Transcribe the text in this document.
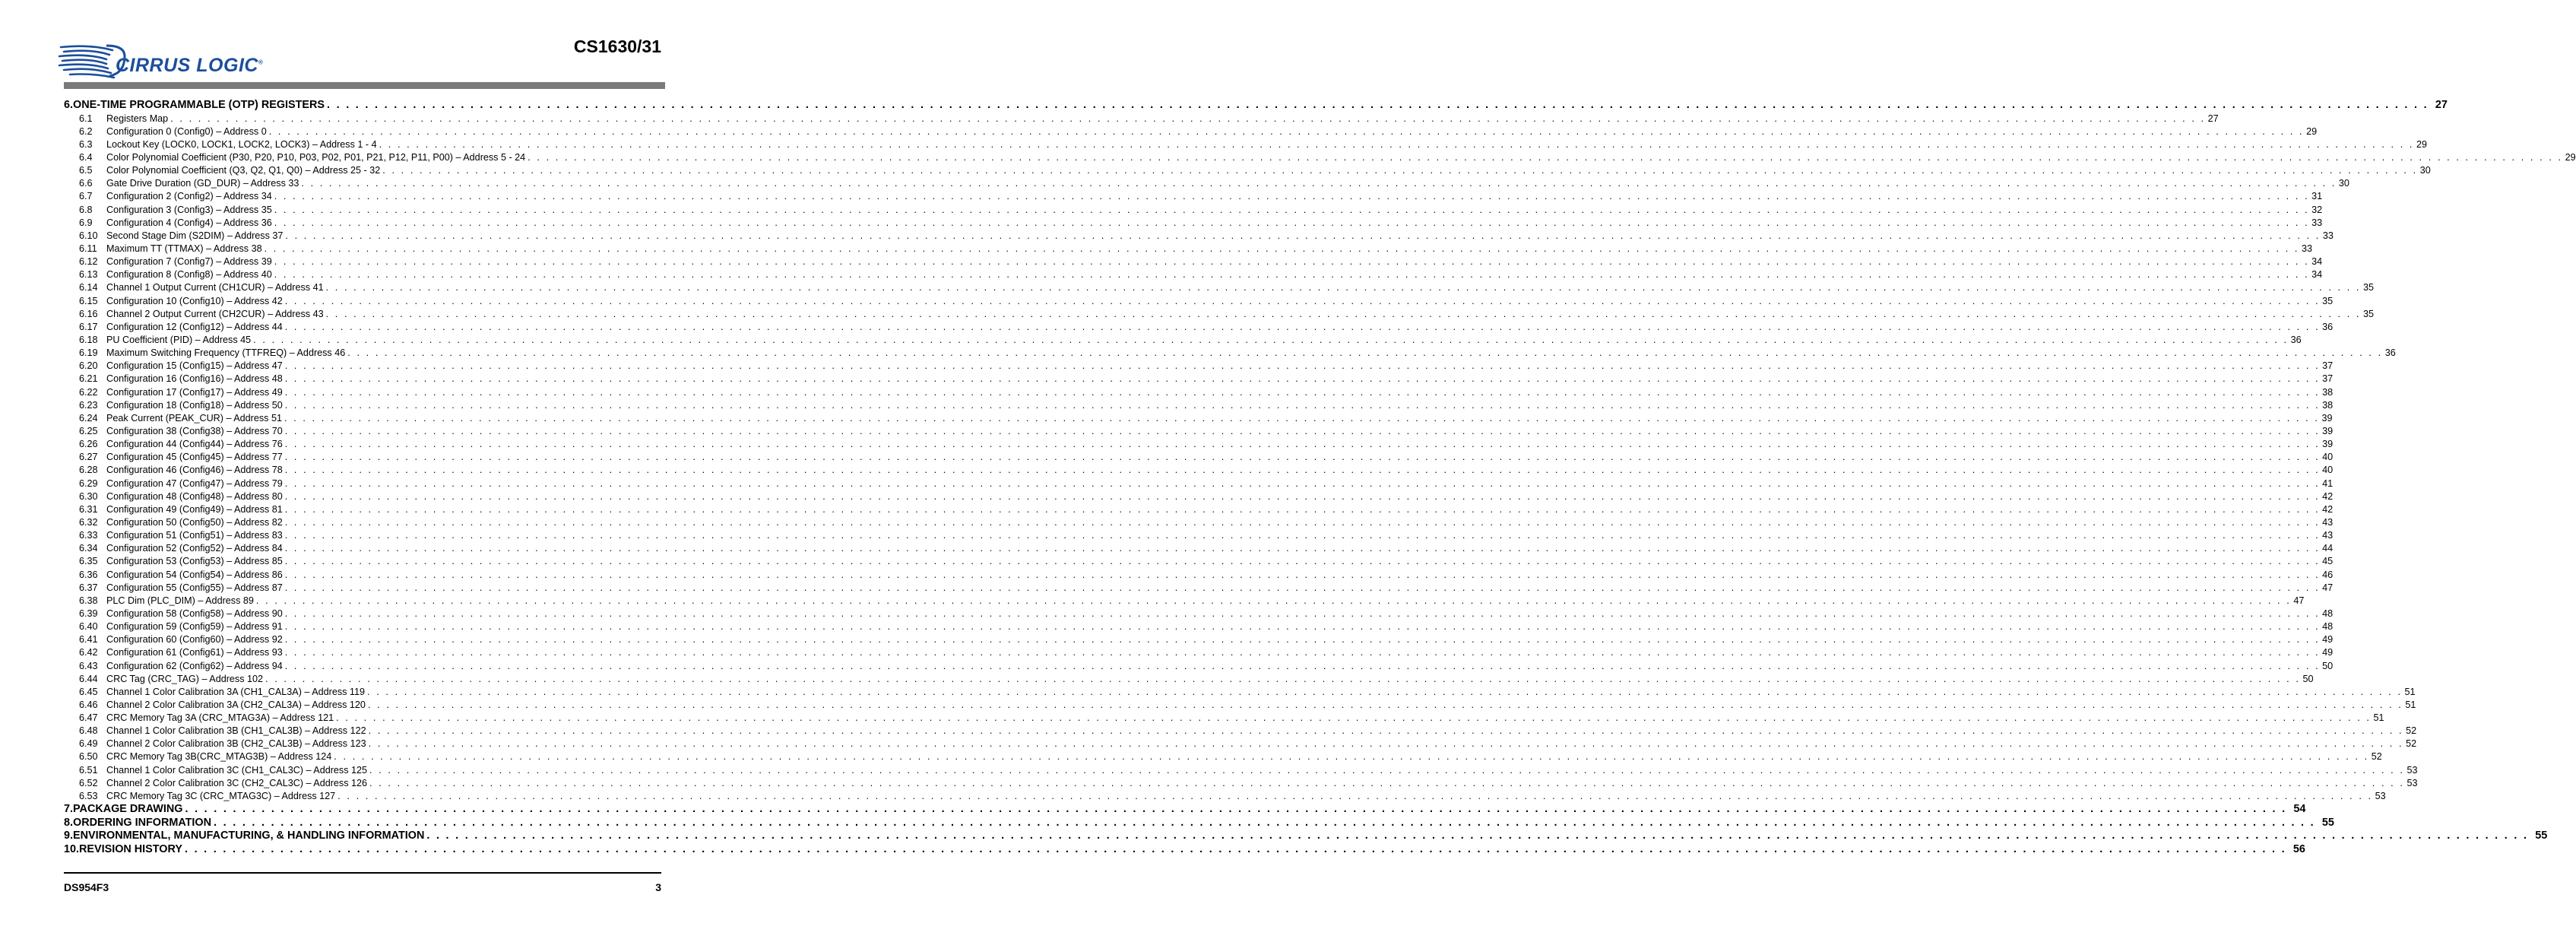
CIRRUS LOGIC®
CS1630/31
6.ONE-TIME PROGRAMMABLE (OTP) REGISTERS . . . . . . . . . . . . . . . . . . . . . . . . . . . . . . . . . . . . . . . . . . . . . . . . . . . . . . . . . . . . . . . . . . . . . . . . . . . . . . . . . . . . . . . . . . . . . . . . . . . . . . . . . . . . . . . . . . . . . . . . . . . . . . . . . . . . . . . . . . . . . . . . . . . . . . . . . . . . . . . . . . . . . . . . . . . . . . . . . . . . . . . . . . . . . . . . . . . . . . . . . . . . . . . . . . . . . . . . . . . . 27
6.1	Registers Map . . . . . . . . . . . . . . . . . . . . . . . . . . . . . . . . . . . . . . . . . . . . . . . . . . . . . . . . . . . . . . . . . . . . . . . . . . . . . . . . . . . . . . . . . . . . . . . . . . . . . . . . . . . . . . . . . . . . . . . . . . . . . . . . . . . . . . . . . . . . . . . . . . . . . . . . . . . . . . . . . . . . . . . . . . . . . . . . . . . . . . . . . . . . . . . . . . . . . . . . . . . . . . . . . . . . . . . . . . . . 27
6.2	Configuration 0 (Config0) – Address 0 . . . . . . . . . . . . . . . . . . . . . . . . . . . . . . . . . . . . . . . . . . . . . . . . . . . . . . . . . . . . . . . . . . . . . . . . . . . . . . . . . . . . . . . . . . . . . . . . . . . . . . . . . . . . . . . . . . . . . . . . . . . . . . . . . . . . . . . . . . . . . . . . . . . . . . . . . . . . . . . . . . . . . . . . . . . . . . . . . . . . . . . . . . . . . . . . . . . . . . . . . . . . . . . . . . . . . . . . . . . . 29
6.3	Lockout Key (LOCK0, LOCK1, LOCK2, LOCK3) – Address 1 - 4 . . . . . . . . . . . . . . . . . . . . . . . . . . . . . . . . . . . . . . . . . . . . . . . . . . . . . . . . . . . . . . . . . . . . . . . . . . . . . . . . . . . . . . . . . . . . . . . . . . . . . . . . . . . . . . . . . . . . . . . . . . . . . . . . . . . . . . . . . . . . . . . . . . . . . . . . . . . . . . . . . . . . . . . . . . . . . . . . . . . . . . . . . . . . . . . . . . . . . . . . . . . . . . . . . . . . . . . . . . . . 29
6.4	Color Polynomial Coefficient (P30, P20, P10, P03, P02, P01, P21, P12, P11, P00) – Address 5 - 24 . . . . . . . . . . . . . . . . . . . . . . . . . . . . . . . . . . . . . . . . . . . . . . . . . . . . . . . . . . . . . . . . . . . . . . . . . . . . . . . . . . . . . . . . . . . . . . . . . . . . . . . . . . . . . . . . . . . . . . . . . . . . . . . . . . . . . . . . . . . . . . . . . . . . . . . . . . . . . . . . . . . . . . . . . . . . . . . . . . . . . . . . . . . . . . . . . . . . . . . . . . . . . . . . . . . . . . . . . . . . 29
6.5	Color Polynomial Coefficient (Q3, Q2, Q1, Q0) – Address 25 - 32 . . . . . . . . . . . . . . . . . . . . . . . . . . . . . . . . . . . . . . . . . . . . . . . . . . . . . . . . . . . . . . . . . . . . . . . . . . . . . . . . . . . . . . . . . . . . . . . . . . . . . . . . . . . . . . . . . . . . . . . . . . . . . . . . . . . . . . . . . . . . . . . . . . . . . . . . . . . . . . . . . . . . . . . . . . . . . . . . . . . . . . . . . . . . . . . . . . . . . . . . . . . . . . . . . . . . . . . . . . . . 30
6.6	Gate Drive Duration (GD_DUR) – Address 33 . . . . . . . . . . . . . . . . . . . . . . . . . . . . . . . . . . . . . . . . . . . . . . . . . . . . . . . . . . . . . . . . . . . . . . . . . . . . . . . . . . . . . . . . . . . . . . . . . . . . . . . . . . . . . . . . . . . . . . . . . . . . . . . . . . . . . . . . . . . . . . . . . . . . . . . . . . . . . . . . . . . . . . . . . . . . . . . . . . . . . . . . . . . . . . . . . . . . . . . . . . . . . . . . . . . . . . . . . . . . 30
6.7	Configuration 2 (Config2) – Address 34 . . . . . . . . . . . . . . . . . . . . . . . . . . . . . . . . . . . . . . . . . . . . . . . . . . . . . . . . . . . . . . . . . . . . . . . . . . . . . . . . . . . . . . . . . . . . . . . . . . . . . . . . . . . . . . . . . . . . . . . . . . . . . . . . . . . . . . . . . . . . . . . . . . . . . . . . . . . . . . . . . . . . . . . . . . . . . . . . . . . . . . . . . . . . . . . . . . . . . . . . . . . . . . . . . . . . . . . . . . . . 31
6.8	Configuration 3 (Config3) – Address 35 . . . . . . . . . . . . . . . . . . . . . . . . . . . . . . . . . . . . . . . . . . . . . . . . . . . . . . . . . . . . . . . . . . . . . . . . . . . . . . . . . . . . . . . . . . . . . . . . . . . . . . . . . . . . . . . . . . . . . . . . . . . . . . . . . . . . . . . . . . . . . . . . . . . . . . . . . . . . . . . . . . . . . . . . . . . . . . . . . . . . . . . . . . . . . . . . . . . . . . . . . . . . . . . . . . . . . . . . . . . . 32
6.9	Configuration 4 (Config4) – Address 36 . . . . . . . . . . . . . . . . . . . . . . . . . . . . . . . . . . . . . . . . . . . . . . . . . . . . . . . . . . . . . . . . . . . . . . . . . . . . . . . . . . . . . . . . . . . . . . . . . . . . . . . . . . . . . . . . . . . . . . . . . . . . . . . . . . . . . . . . . . . . . . . . . . . . . . . . . . . . . . . . . . . . . . . . . . . . . . . . . . . . . . . . . . . . . . . . . . . . . . . . . . . . . . . . . . . . . . . . . . . . 33
6.10 Second Stage Dim (S2DIM) – Address 37 . . . . . . . . . . . . . . . . . . . . . . . . . . . . . . . . . . . . . . . . . . . . . . . . . . . . . . . . . . . . . . . . . . . . . . . . . . . . . . . . . . . . . . . . . . . . . . . . . . . . . . . . . . . . . . . . . . . . . . . . . . . . . . . . . . . . . . . . . . . . . . . . . . . . . . . . . . . . . . . . . . . . . . . . . . . . . . . . . . . . . . . . . . . . . . . . . . . . . . . . . . . . . . . . . . . . . . . . . . . . 33
6.11 Maximum TT (TTMAX) – Address 38 . . . . . . . . . . . . . . . . . . . . . . . . . . . . . . . . . . . . . . . . . . . . . . . . . . . . . . . . . . . . . . . . . . . . . . . . . . . . . . . . . . . . . . . . . . . . . . . . . . . . . . . . . . . . . . . . . . . . . . . . . . . . . . . . . . . . . . . . . . . . . . . . . . . . . . . . . . . . . . . . . . . . . . . . . . . . . . . . . . . . . . . . . . . . . . . . . . . . . . . . . . . . . . . . . . . . . . . . . . . . 33
6.12 Configuration 7 (Config7) – Address 39 . . . . . . . . . . . . . . . . . . . . . . . . . . . . . . . . . . . . . . . . . . . . . . . . . . . . . . . . . . . . . . . . . . . . . . . . . . . . . . . . . . . . . . . . . . . . . . . . . . . . . . . . . . . . . . . . . . . . . . . . . . . . . . . . . . . . . . . . . . . . . . . . . . . . . . . . . . . . . . . . . . . . . . . . . . . . . . . . . . . . . . . . . . . . . . . . . . . . . . . . . . . . . . . . . . . . . . . . . . . . 34
6.13 Configuration 8 (Config8) – Address 40 . . . . . . . . . . . . . . . . . . . . . . . . . . . . . . . . . . . . . . . . . . . . . . . . . . . . . . . . . . . . . . . . . . . . . . . . . . . . . . . . . . . . . . . . . . . . . . . . . . . . . . . . . . . . . . . . . . . . . . . . . . . . . . . . . . . . . . . . . . . . . . . . . . . . . . . . . . . . . . . . . . . . . . . . . . . . . . . . . . . . . . . . . . . . . . . . . . . . . . . . . . . . . . . . . . . . . . . . . . . . 34
6.14 Channel 1 Output Current (CH1CUR) – Address 41 . . . . . . . . . . . . . . . . . . . . . . . . . . . . . . . . . . . . . . . . . . . . . . . . . . . . . . . . . . . . . . . . . . . . . . . . . . . . . . . . . . . . . . . . . . . . . . . . . . . . . . . . . . . . . . . . . . . . . . . . . . . . . . . . . . . . . . . . . . . . . . . . . . . . . . . . . . . . . . . . . . . . . . . . . . . . . . . . . . . . . . . . . . . . . . . . . . . . . . . . . . . . . . . . . . . . . . . . . . . . 35
6.15 Configuration 10 (Config10) – Address 42 . . . . . . . . . . . . . . . . . . . . . . . . . . . . . . . . . . . . . . . . . . . . . . . . . . . . . . . . . . . . . . . . . . . . . . . . . . . . . . . . . . . . . . . . . . . . . . . . . . . . . . . . . . . . . . . . . . . . . . . . . . . . . . . . . . . . . . . . . . . . . . . . . . . . . . . . . . . . . . . . . . . . . . . . . . . . . . . . . . . . . . . . . . . . . . . . . . . . . . . . . . . . . . . . . . . . . . . . . . . . 35
6.16 Channel 2 Output Current (CH2CUR) – Address 43 . . . . . . . . . . . . . . . . . . . . . . . . . . . . . . . . . . . . . . . . . . . . . . . . . . . . . . . . . . . . . . . . . . . . . . . . . . . . . . . . . . . . . . . . . . . . . . . . . . . . . . . . . . . . . . . . . . . . . . . . . . . . . . . . . . . . . . . . . . . . . . . . . . . . . . . . . . . . . . . . . . . . . . . . . . . . . . . . . . . . . . . . . . . . . . . . . . . . . . . . . . . . . . . . . . . . . . . . . . . . 35
6.17 Configuration 12 (Config12) – Address 44 . . . . . . . . . . . . . . . . . . . . . . . . . . . . . . . . . . . . . . . . . . . . . . . . . . . . . . . . . . . . . . . . . . . . . . . . . . . . . . . . . . . . . . . . . . . . . . . . . . . . . . . . . . . . . . . . . . . . . . . . . . . . . . . . . . . . . . . . . . . . . . . . . . . . . . . . . . . . . . . . . . . . . . . . . . . . . . . . . . . . . . . . . . . . . . . . . . . . . . . . . . . . . . . . . . . . . . . . . . . . 36
6.18 PU Coefficient (PID) – Address 45 . . . . . . . . . . . . . . . . . . . . . . . . . . . . . . . . . . . . . . . . . . . . . . . . . . . . . . . . . . . . . . . . . . . . . . . . . . . . . . . . . . . . . . . . . . . . . . . . . . . . . . . . . . . . . . . . . . . . . . . . . . . . . . . . . . . . . . . . . . . . . . . . . . . . . . . . . . . . . . . . . . . . . . . . . . . . . . . . . . . . . . . . . . . . . . . . . . . . . . . . . . . . . . . . . . . . . . . . . . . . 36
6.19 Maximum Switching Frequency (TTFREQ) – Address 46 . . . . . . . . . . . . . . . . . . . . . . . . . . . . . . . . . . . . . . . . . . . . . . . . . . . . . . . . . . . . . . . . . . . . . . . . . . . . . . . . . . . . . . . . . . . . . . . . . . . . . . . . . . . . . . . . . . . . . . . . . . . . . . . . . . . . . . . . . . . . . . . . . . . . . . . . . . . . . . . . . . . . . . . . . . . . . . . . . . . . . . . . . . . . . . . . . . . . . . . . . . . . . . . . . . . . . . . . . . . . 36
6.20 Configuration 15 (Config15) – Address 47 . . . . . . . . . . . . . . . . . . . . . . . . . . . . . . . . . . . . . . . . . . . . . . . . . . . . . . . . . . . . . . . . . . . . . . . . . . . . . . . . . . . . . . . . . . . . . . . . . . . . . . . . . . . . . . . . . . . . . . . . . . . . . . . . . . . . . . . . . . . . . . . . . . . . . . . . . . . . . . . . . . . . . . . . . . . . . . . . . . . . . . . . . . . . . . . . . . . . . . . . . . . . . . . . . . . . . . . . . . . . 37
6.21 Configuration 16 (Config16) – Address 48 . . . . . . . . . . . . . . . . . . . . . . . . . . . . . . . . . . . . . . . . . . . . . . . . . . . . . . . . . . . . . . . . . . . . . . . . . . . . . . . . . . . . . . . . . . . . . . . . . . . . . . . . . . . . . . . . . . . . . . . . . . . . . . . . . . . . . . . . . . . . . . . . . . . . . . . . . . . . . . . . . . . . . . . . . . . . . . . . . . . . . . . . . . . . . . . . . . . . . . . . . . . . . . . . . . . . . . . . . . . . 37
6.22 Configuration 17 (Config17) – Address 49 . . . . . . . . . . . . . . . . . . . . . . . . . . . . . . . . . . . . . . . . . . . . . . . . . . . . . . . . . . . . . . . . . . . . . . . . . . . . . . . . . . . . . . . . . . . . . . . . . . . . . . . . . . . . . . . . . . . . . . . . . . . . . . . . . . . . . . . . . . . . . . . . . . . . . . . . . . . . . . . . . . . . . . . . . . . . . . . . . . . . . . . . . . . . . . . . . . . . . . . . . . . . . . . . . . . . . . . . . . . . 38
6.23 Configuration 18 (Config18) – Address 50 . . . . . . . . . . . . . . . . . . . . . . . . . . . . . . . . . . . . . . . . . . . . . . . . . . . . . . . . . . . . . . . . . . . . . . . . . . . . . . . . . . . . . . . . . . . . . . . . . . . . . . . . . . . . . . . . . . . . . . . . . . . . . . . . . . . . . . . . . . . . . . . . . . . . . . . . . . . . . . . . . . . . . . . . . . . . . . . . . . . . . . . . . . . . . . . . . . . . . . . . . . . . . . . . . . . . . . . . . . . . 38
6.24 Peak Current (PEAK_CUR) – Address 51 . . . . . . . . . . . . . . . . . . . . . . . . . . . . . . . . . . . . . . . . . . . . . . . . . . . . . . . . . . . . . . . . . . . . . . . . . . . . . . . . . . . . . . . . . . . . . . . . . . . . . . . . . . . . . . . . . . . . . . . . . . . . . . . . . . . . . . . . . . . . . . . . . . . . . . . . . . . . . . . . . . . . . . . . . . . . . . . . . . . . . . . . . . . . . . . . . . . . . . . . . . . . . . . . . . . . . . . . . . . . 39
6.25 Configuration 38 (Config38) – Address 70 . . . . . . . . . . . . . . . . . . . . . . . . . . . . . . . . . . . . . . . . . . . . . . . . . . . . . . . . . . . . . . . . . . . . . . . . . . . . . . . . . . . . . . . . . . . . . . . . . . . . . . . . . . . . . . . . . . . . . . . . . . . . . . . . . . . . . . . . . . . . . . . . . . . . . . . . . . . . . . . . . . . . . . . . . . . . . . . . . . . . . . . . . . . . . . . . . . . . . . . . . . . . . . . . . . . . . . . . . . . . 39
6.26 Configuration 44 (Config44) – Address 76 . . . . . . . . . . . . . . . . . . . . . . . . . . . . . . . . . . . . . . . . . . . . . . . . . . . . . . . . . . . . . . . . . . . . . . . . . . . . . . . . . . . . . . . . . . . . . . . . . . . . . . . . . . . . . . . . . . . . . . . . . . . . . . . . . . . . . . . . . . . . . . . . . . . . . . . . . . . . . . . . . . . . . . . . . . . . . . . . . . . . . . . . . . . . . . . . . . . . . . . . . . . . . . . . . . . . . . . . . . . . 39
6.27 Configuration 45 (Config45) – Address 77 . . . . . . . . . . . . . . . . . . . . . . . . . . . . . . . . . . . . . . . . . . . . . . . . . . . . . . . . . . . . . . . . . . . . . . . . . . . . . . . . . . . . . . . . . . . . . . . . . . . . . . . . . . . . . . . . . . . . . . . . . . . . . . . . . . . . . . . . . . . . . . . . . . . . . . . . . . . . . . . . . . . . . . . . . . . . . . . . . . . . . . . . . . . . . . . . . . . . . . . . . . . . . . . . . . . . . . . . . . . . 40
6.28 Configuration 46 (Config46) – Address 78 . . . . . . . . . . . . . . . . . . . . . . . . . . . . . . . . . . . . . . . . . . . . . . . . . . . . . . . . . . . . . . . . . . . . . . . . . . . . . . . . . . . . . . . . . . . . . . . . . . . . . . . . . . . . . . . . . . . . . . . . . . . . . . . . . . . . . . . . . . . . . . . . . . . . . . . . . . . . . . . . . . . . . . . . . . . . . . . . . . . . . . . . . . . . . . . . . . . . . . . . . . . . . . . . . . . . . . . . . . . . 40
6.29 Configuration 47 (Config47) – Address 79 . . . . . . . . . . . . . . . . . . . . . . . . . . . . . . . . . . . . . . . . . . . . . . . . . . . . . . . . . . . . . . . . . . . . . . . . . . . . . . . . . . . . . . . . . . . . . . . . . . . . . . . . . . . . . . . . . . . . . . . . . . . . . . . . . . . . . . . . . . . . . . . . . . . . . . . . . . . . . . . . . . . . . . . . . . . . . . . . . . . . . . . . . . . . . . . . . . . . . . . . . . . . . . . . . . . . . . . . . . . . 41
6.30 Configuration 48 (Config48) – Address 80 . . . . . . . . . . . . . . . . . . . . . . . . . . . . . . . . . . . . . . . . . . . . . . . . . . . . . . . . . . . . . . . . . . . . . . . . . . . . . . . . . . . . . . . . . . . . . . . . . . . . . . . . . . . . . . . . . . . . . . . . . . . . . . . . . . . . . . . . . . . . . . . . . . . . . . . . . . . . . . . . . . . . . . . . . . . . . . . . . . . . . . . . . . . . . . . . . . . . . . . . . . . . . . . . . . . . . . . . . . . . 42
6.31 Configuration 49 (Config49) – Address 81 . . . . . . . . . . . . . . . . . . . . . . . . . . . . . . . . . . . . . . . . . . . . . . . . . . . . . . . . . . . . . . . . . . . . . . . . . . . . . . . . . . . . . . . . . . . . . . . . . . . . . . . . . . . . . . . . . . . . . . . . . . . . . . . . . . . . . . . . . . . . . . . . . . . . . . . . . . . . . . . . . . . . . . . . . . . . . . . . . . . . . . . . . . . . . . . . . . . . . . . . . . . . . . . . . . . . . . . . . . . . 42
6.32 Configuration 50 (Config50) – Address 82 . . . . . . . . . . . . . . . . . . . . . . . . . . . . . . . . . . . . . . . . . . . . . . . . . . . . . . . . . . . . . . . . . . . . . . . . . . . . . . . . . . . . . . . . . . . . . . . . . . . . . . . . . . . . . . . . . . . . . . . . . . . . . . . . . . . . . . . . . . . . . . . . . . . . . . . . . . . . . . . . . . . . . . . . . . . . . . . . . . . . . . . . . . . . . . . . . . . . . . . . . . . . . . . . . . . . . . . . . . . . 43
6.33 Configuration 51 (Config51) – Address 83 . . . . . . . . . . . . . . . . . . . . . . . . . . . . . . . . . . . . . . . . . . . . . . . . . . . . . . . . . . . . . . . . . . . . . . . . . . . . . . . . . . . . . . . . . . . . . . . . . . . . . . . . . . . . . . . . . . . . . . . . . . . . . . . . . . . . . . . . . . . . . . . . . . . . . . . . . . . . . . . . . . . . . . . . . . . . . . . . . . . . . . . . . . . . . . . . . . . . . . . . . . . . . . . . . . . . . . . . . . . . 43
6.34 Configuration 52 (Config52) – Address 84 . . . . . . . . . . . . . . . . . . . . . . . . . . . . . . . . . . . . . . . . . . . . . . . . . . . . . . . . . . . . . . . . . . . . . . . . . . . . . . . . . . . . . . . . . . . . . . . . . . . . . . . . . . . . . . . . . . . . . . . . . . . . . . . . . . . . . . . . . . . . . . . . . . . . . . . . . . . . . . . . . . . . . . . . . . . . . . . . . . . . . . . . . . . . . . . . . . . . . . . . . . . . . . . . . . . . . . . . . . . . 44
6.35 Configuration 53 (Config53) – Address 85 . . . . . . . . . . . . . . . . . . . . . . . . . . . . . . . . . . . . . . . . . . . . . . . . . . . . . . . . . . . . . . . . . . . . . . . . . . . . . . . . . . . . . . . . . . . . . . . . . . . . . . . . . . . . . . . . . . . . . . . . . . . . . . . . . . . . . . . . . . . . . . . . . . . . . . . . . . . . . . . . . . . . . . . . . . . . . . . . . . . . . . . . . . . . . . . . . . . . . . . . . . . . . . . . . . . . . . . . . . . . 45
6.36 Configuration 54 (Config54) – Address 86 . . . . . . . . . . . . . . . . . . . . . . . . . . . . . . . . . . . . . . . . . . . . . . . . . . . . . . . . . . . . . . . . . . . . . . . . . . . . . . . . . . . . . . . . . . . . . . . . . . . . . . . . . . . . . . . . . . . . . . . . . . . . . . . . . . . . . . . . . . . . . . . . . . . . . . . . . . . . . . . . . . . . . . . . . . . . . . . . . . . . . . . . . . . . . . . . . . . . . . . . . . . . . . . . . . . . . . . . . . . . 46
6.37 Configuration 55 (Config55) – Address 87 . . . . . . . . . . . . . . . . . . . . . . . . . . . . . . . . . . . . . . . . . . . . . . . . . . . . . . . . . . . . . . . . . . . . . . . . . . . . . . . . . . . . . . . . . . . . . . . . . . . . . . . . . . . . . . . . . . . . . . . . . . . . . . . . . . . . . . . . . . . . . . . . . . . . . . . . . . . . . . . . . . . . . . . . . . . . . . . . . . . . . . . . . . . . . . . . . . . . . . . . . . . . . . . . . . . . . . . . . . . . 47
6.38 PLC Dim (PLC_DIM) – Address 89 . . . . . . . . . . . . . . . . . . . . . . . . . . . . . . . . . . . . . . . . . . . . . . . . . . . . . . . . . . . . . . . . . . . . . . . . . . . . . . . . . . . . . . . . . . . . . . . . . . . . . . . . . . . . . . . . . . . . . . . . . . . . . . . . . . . . . . . . . . . . . . . . . . . . . . . . . . . . . . . . . . . . . . . . . . . . . . . . . . . . . . . . . . . . . . . . . . . . . . . . . . . . . . . . . . . . . . . . . . . . 47
6.39 Configuration 58 (Config58) – Address 90 . . . . . . . . . . . . . . . . . . . . . . . . . . . . . . . . . . . . . . . . . . . . . . . . . . . . . . . . . . . . . . . . . . . . . . . . . . . . . . . . . . . . . . . . . . . . . . . . . . . . . . . . . . . . . . . . . . . . . . . . . . . . . . . . . . . . . . . . . . . . . . . . . . . . . . . . . . . . . . . . . . . . . . . . . . . . . . . . . . . . . . . . . . . . . . . . . . . . . . . . . . . . . . . . . . . . . . . . . . . . 48
6.40 Configuration 59 (Config59) – Address 91 . . . . . . . . . . . . . . . . . . . . . . . . . . . . . . . . . . . . . . . . . . . . . . . . . . . . . . . . . . . . . . . . . . . . . . . . . . . . . . . . . . . . . . . . . . . . . . . . . . . . . . . . . . . . . . . . . . . . . . . . . . . . . . . . . . . . . . . . . . . . . . . . . . . . . . . . . . . . . . . . . . . . . . . . . . . . . . . . . . . . . . . . . . . . . . . . . . . . . . . . . . . . . . . . . . . . . . . . . . . . 48
6.41 Configuration 60 (Config60) – Address 92 . . . . . . . . . . . . . . . . . . . . . . . . . . . . . . . . . . . . . . . . . . . . . . . . . . . . . . . . . . . . . . . . . . . . . . . . . . . . . . . . . . . . . . . . . . . . . . . . . . . . . . . . . . . . . . . . . . . . . . . . . . . . . . . . . . . . . . . . . . . . . . . . . . . . . . . . . . . . . . . . . . . . . . . . . . . . . . . . . . . . . . . . . . . . . . . . . . . . . . . . . . . . . . . . . . . . . . . . . . . . 49
6.42 Configuration 61 (Config61) – Address 93 . . . . . . . . . . . . . . . . . . . . . . . . . . . . . . . . . . . . . . . . . . . . . . . . . . . . . . . . . . . . . . . . . . . . . . . . . . . . . . . . . . . . . . . . . . . . . . . . . . . . . . . . . . . . . . . . . . . . . . . . . . . . . . . . . . . . . . . . . . . . . . . . . . . . . . . . . . . . . . . . . . . . . . . . . . . . . . . . . . . . . . . . . . . . . . . . . . . . . . . . . . . . . . . . . . . . . . . . . . . . 49
6.43 Configuration 62 (Config62) – Address 94 . . . . . . . . . . . . . . . . . . . . . . . . . . . . . . . . . . . . . . . . . . . . . . . . . . . . . . . . . . . . . . . . . . . . . . . . . . . . . . . . . . . . . . . . . . . . . . . . . . . . . . . . . . . . . . . . . . . . . . . . . . . . . . . . . . . . . . . . . . . . . . . . . . . . . . . . . . . . . . . . . . . . . . . . . . . . . . . . . . . . . . . . . . . . . . . . . . . . . . . . . . . . . . . . . . . . . . . . . . . . 50
6.44 CRC Tag (CRC_TAG) – Address 102 . . . . . . . . . . . . . . . . . . . . . . . . . . . . . . . . . . . . . . . . . . . . . . . . . . . . . . . . . . . . . . . . . . . . . . . . . . . . . . . . . . . . . . . . . . . . . . . . . . . . . . . . . . . . . . . . . . . . . . . . . . . . . . . . . . . . . . . . . . . . . . . . . . . . . . . . . . . . . . . . . . . . . . . . . . . . . . . . . . . . . . . . . . . . . . . . . . . . . . . . . . . . . . . . . . . . . . . . . . . . 50
6.45 Channel 1 Color Calibration 3A (CH1_CAL3A) – Address 119 . . . . . . . . . . . . . . . . . . . . . . . . . . . . . . . . . . . . . . . . . . . . . . . . . . . . . . . . . . . . . . . . . . . . . . . . . . . . . . . . . . . . . . . . . . . . . . . . . . . . . . . . . . . . . . . . . . . . . . . . . . . . . . . . . . . . . . . . . . . . . . . . . . . . . . . . . . . . . . . . . . . . . . . . . . . . . . . . . . . . . . . . . . . . . . . . . . . . . . . . . . . . . . . . . . . . . . . . . . . . 51
6.46 Channel 2 Color Calibration 3A (CH2_CAL3A) – Address 120 . . . . . . . . . . . . . . . . . . . . . . . . . . . . . . . . . . . . . . . . . . . . . . . . . . . . . . . . . . . . . . . . . . . . . . . . . . . . . . . . . . . . . . . . . . . . . . . . . . . . . . . . . . . . . . . . . . . . . . . . . . . . . . . . . . . . . . . . . . . . . . . . . . . . . . . . . . . . . . . . . . . . . . . . . . . . . . . . . . . . . . . . . . . . . . . . . . . . . . . . . . . . . . . . . . . . . . . . . . . . 51
6.47 CRC Memory Tag 3A (CRC_MTAG3A) – Address 121 . . . . . . . . . . . . . . . . . . . . . . . . . . . . . . . . . . . . . . . . . . . . . . . . . . . . . . . . . . . . . . . . . . . . . . . . . . . . . . . . . . . . . . . . . . . . . . . . . . . . . . . . . . . . . . . . . . . . . . . . . . . . . . . . . . . . . . . . . . . . . . . . . . . . . . . . . . . . . . . . . . . . . . . . . . . . . . . . . . . . . . . . . . . . . . . . . . . . . . . . . . . . . . . . . . . . . . . . . . . . 51
6.48 Channel 1 Color Calibration 3B (CH1_CAL3B) – Address 122 . . . . . . . . . . . . . . . . . . . . . . . . . . . . . . . . . . . . . . . . . . . . . . . . . . . . . . . . . . . . . . . . . . . . . . . . . . . . . . . . . . . . . . . . . . . . . . . . . . . . . . . . . . . . . . . . . . . . . . . . . . . . . . . . . . . . . . . . . . . . . . . . . . . . . . . . . . . . . . . . . . . . . . . . . . . . . . . . . . . . . . . . . . . . . . . . . . . . . . . . . . . . . . . . . . . . . . . . . . . . 52
6.49 Channel 2 Color Calibration 3B (CH2_CAL3B) – Address 123 . . . . . . . . . . . . . . . . . . . . . . . . . . . . . . . . . . . . . . . . . . . . . . . . . . . . . . . . . . . . . . . . . . . . . . . . . . . . . . . . . . . . . . . . . . . . . . . . . . . . . . . . . . . . . . . . . . . . . . . . . . . . . . . . . . . . . . . . . . . . . . . . . . . . . . . . . . . . . . . . . . . . . . . . . . . . . . . . . . . . . . . . . . . . . . . . . . . . . . . . . . . . . . . . . . . . . . . . . . . . 52
6.50 CRC Memory Tag 3B(CRC_MTAG3B) – Address 124 . . . . . . . . . . . . . . . . . . . . . . . . . . . . . . . . . . . . . . . . . . . . . . . . . . . . . . . . . . . . . . . . . . . . . . . . . . . . . . . . . . . . . . . . . . . . . . . . . . . . . . . . . . . . . . . . . . . . . . . . . . . . . . . . . . . . . . . . . . . . . . . . . . . . . . . . . . . . . . . . . . . . . . . . . . . . . . . . . . . . . . . . . . . . . . . . . . . . . . . . . . . . . . . . . . . . . . . . . . . . 52
6.51 Channel 1 Color Calibration 3C (CH1_CAL3C) – Address 125 . . . . . . . . . . . . . . . . . . . . . . . . . . . . . . . . . . . . . . . . . . . . . . . . . . . . . . . . . . . . . . . . . . . . . . . . . . . . . . . . . . . . . . . . . . . . . . . . . . . . . . . . . . . . . . . . . . . . . . . . . . . . . . . . . . . . . . . . . . . . . . . . . . . . . . . . . . . . . . . . . . . . . . . . . . . . . . . . . . . . . . . . . . . . . . . . . . . . . . . . . . . . . . . . . . . . . . . . . . . . 53
6.52 Channel 2 Color Calibration 3C (CH2_CAL3C) – Address 126 . . . . . . . . . . . . . . . . . . . . . . . . . . . . . . . . . . . . . . . . . . . . . . . . . . . . . . . . . . . . . . . . . . . . . . . . . . . . . . . . . . . . . . . . . . . . . . . . . . . . . . . . . . . . . . . . . . . . . . . . . . . . . . . . . . . . . . . . . . . . . . . . . . . . . . . . . . . . . . . . . . . . . . . . . . . . . . . . . . . . . . . . . . . . . . . . . . . . . . . . . . . . . . . . . . . . . . . . . . . . 53
6.53 CRC Memory Tag 3C (CRC_MTAG3C) – Address 127 . . . . . . . . . . . . . . . . . . . . . . . . . . . . . . . . . . . . . . . . . . . . . . . . . . . . . . . . . . . . . . . . . . . . . . . . . . . . . . . . . . . . . . . . . . . . . . . . . . . . . . . . . . . . . . . . . . . . . . . . . . . . . . . . . . . . . . . . . . . . . . . . . . . . . . . . . . . . . . . . . . . . . . . . . . . . . . . . . . . . . . . . . . . . . . . . . . . . . . . . . . . . . . . . . . . . . . . . . . . . 53
7.PACKAGE DRAWING . . . . . . . . . . . . . . . . . . . . . . . . . . . . . . . . . . . . . . . . . . . . . . . . . . . . . . . . . . . . . . . . . . . . . . . . . . . . . . . . . . . . . . . . . . . . . . . . . . . . . . . . . . . . . . . . . . . . . . . . . . . . . . . . . . . . . . . . . . . . . . . . . . . . . . . . . . . . . . . . . . . . . . . . . . . . . . . . . . . . . . . . . . . . . . . . . . . . . . . . . . . . . . . . . . . . . . . . . . . . 54
8.ORDERING INFORMATION . . . . . . . . . . . . . . . . . . . . . . . . . . . . . . . . . . . . . . . . . . . . . . . . . . . . . . . . . . . . . . . . . . . . . . . . . . . . . . . . . . . . . . . . . . . . . . . . . . . . . . . . . . . . . . . . . . . . . . . . . . . . . . . . . . . . . . . . . . . . . . . . . . . . . . . . . . . . . . . . . . . . . . . . . . . . . . . . . . . . . . . . . . . . . . . . . . . . . . . . . . . . . . . . . . . . . . . . . . . . 55
9.ENVIRONMENTAL, MANUFACTURING, & HANDLING INFORMATION . . . . . . . . . . . . . . . . . . . . . . . . . . . . . . . . . . . . . . . . . . . . . . . . . . . . . . . . . . . . . . . . . . . . . . . . . . . . . . . . . . . . . . . . . . . . . . . . . . . . . . . . . . . . . . . . . . . . . . . . . . . . . . . . . . . . . . . . . . . . . . . . . . . . . . . . . . . . . . . . . . . . . . . . . . . . . . . . . . . . . . . . . . . . . . . . . . . . . . . . . . . . . . . . . . . . . . . . . . . . 55
10.REVISION HISTORY . . . . . . . . . . . . . . . . . . . . . . . . . . . . . . . . . . . . . . . . . . . . . . . . . . . . . . . . . . . . . . . . . . . . . . . . . . . . . . . . . . . . . . . . . . . . . . . . . . . . . . . . . . . . . . . . . . . . . . . . . . . . . . . . . . . . . . . . . . . . . . . . . . . . . . . . . . . . . . . . . . . . . . . . . . . . . . . . . . . . . . . . . . . . . . . . . . . . . . . . . . . . . . . . . . . . . . . . . . . . 56
DS954F3	3
